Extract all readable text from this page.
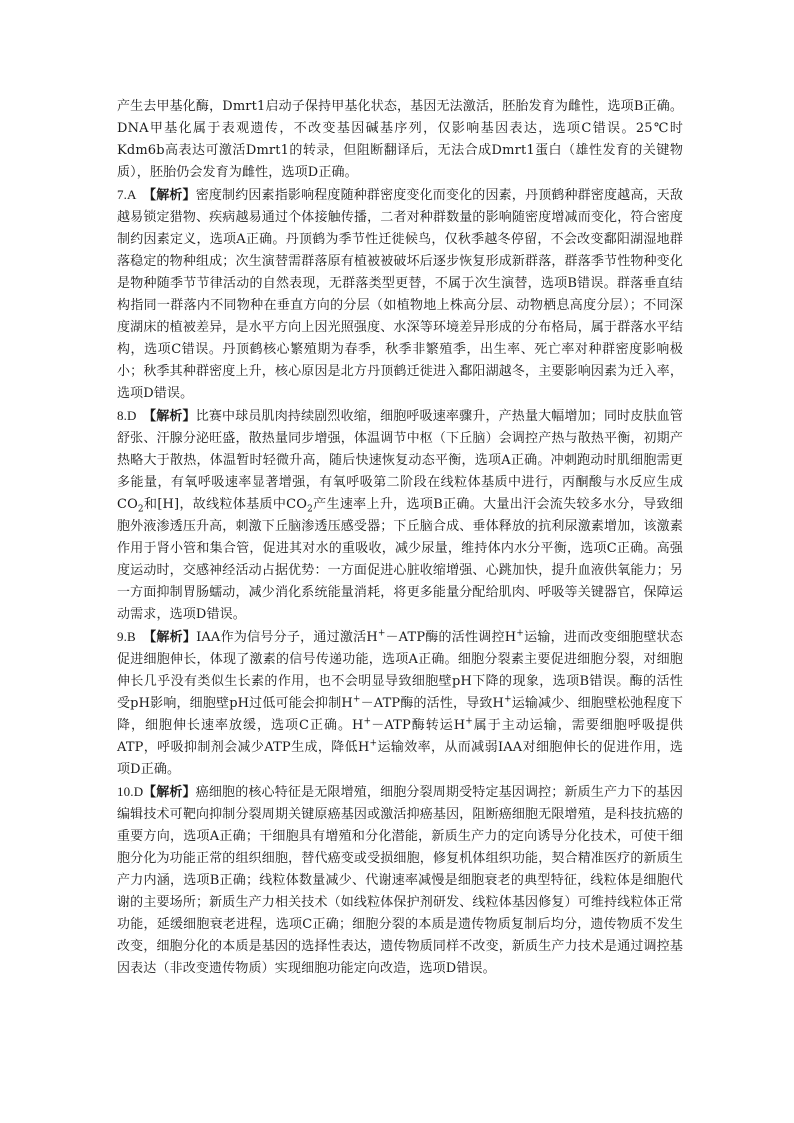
产生去甲基化酶，Dmrt1启动子保持甲基化状态，基因无法激活，胚胎发育为雌性，选项B正确。DNA甲基化属于表观遗传，不改变基因碱基序列，仅影响基因表达，选项C错误。25℃时Kdm6b高表达可激活Dmrt1的转录，但阻断翻译后，无法合成Dmrt1蛋白（雄性发育的关键物质），胚胎仍会发育为雌性，选项D正确。

7.A 【解析】密度制约因素指影响程度随种群密度变化而变化的因素，丹顶鹤种群密度越高，天敌越易锁定猎物、疾病越易通过个体接触传播，二者对种群数量的影响随密度增减而变化，符合密度制约因素定义，选项A正确。丹顶鹤为季节性迁徙候鸟，仅秋季越冬停留，不会改变鄱阳湖湿地群落稳定的物种组成；次生演替需群落原有植被被破坏后逐步恢复形成新群落，群落季节性物种变化是物种随季节节律活动的自然表现，无群落类型更替，不属于次生演替，选项B错误。群落垂直结构指同一群落内不同物种在垂直方向的分层（如植物地上株高分层、动物栖息高度分层）；不同深度湖床的植被差异，是水平方向上因光照强度、水深等环境差异形成的分布格局，属于群落水平结构，选项C错误。丹顶鹤核心繁殖期为春季，秋季非繁殖季，出生率、死亡率对种群密度影响极小；秋季其种群密度上升，核心原因是北方丹顶鹤迁徙进入鄱阳湖越冬，主要影响因素为迁入率，选项D错误。

8.D 【解析】比赛中球员肌肉持续剧烈收缩，细胞呼吸速率骤升，产热量大幅增加；同时皮肤血管舒张、汗腺分泌旺盛，散热量同步增强，体温调节中枢（下丘脑）会调控产热与散热平衡，初期产热略大于散热，体温暂时轻微升高，随后快速恢复动态平衡，选项A正确。冲刺跑动时肌细胞需更多能量，有氧呼吸速率显著增强，有氧呼吸第二阶段在线粒体基质中进行，丙酮酸与水反应生成$CO_2$和[H]，故线粒体基质中$CO_2$产生速率上升，选项B正确。大量出汗会流失较多水分，导致细胞外液渗透压升高，刺激下丘脑渗透压感受器；下丘脑合成、垂体释放的抗利尿激素增加，该激素作用于肾小管和集合管，促进其对水的重吸收，减少尿量，维持体内水分平衡，选项C正确。高强度运动时，交感神经活动占据优势：一方面促进心脏收缩增强、心跳加快，提升血液供氧能力；另一方面抑制胃肠蠕动，减少消化系统能量消耗，将更多能量分配给肌肉、呼吸等关键器官，保障运动需求，选项D错误。

9.B 【解析】IAA作为信号分子，通过激活H+－ATP酶的活性调控H+运输，进而改变细胞壁状态促进细胞伸长，体现了激素的信号传递功能，选项A正确。细胞分裂素主要促进细胞分裂，对细胞伸长几乎没有类似生长素的作用，也不会明显导致细胞壁pH下降的现象，选项B错误。酶的活性受pH影响，细胞壁pH过低可能会抑制H+－ATP酶的活性，导致H+运输减少、细胞壁松弛程度下降，细胞伸长速率放缓，选项C正确。H+－ATP酶转运H+属于主动运输，需要细胞呼吸提供ATP，呼吸抑制剂会减少ATP生成，降低H+运输效率，从而减弱IAA对细胞伸长的促进作用，选项D正确。

10.D【解析】癌细胞的核心特征是无限增殖，细胞分裂周期受特定基因调控；新质生产力下的基因编辑技术可靶向抑制分裂周期关键原癌基因或激活抑癌基因，阻断癌细胞无限增殖，是科技抗癌的重要方向，选项A正确；干细胞具有增殖和分化潜能，新质生产力的定向诱导分化技术，可使干细胞分化为功能正常的组织细胞，替代癌变或受损细胞，修复机体组织功能，契合精准医疗的新质生产力内涵，选项B正确；线粒体数量减少、代谢速率减慢是细胞衰老的典型特征，线粒体是细胞代谢的主要场所；新质生产力相关技术（如线粒体保护剂研发、线粒体基因修复）可维持线粒体正常功能，延缓细胞衰老进程，选项C正确；细胞分裂的本质是遗传物质复制后均分，遗传物质不发生改变，细胞分化的本质是基因的选择性表达，遗传物质同样不改变，新质生产力技术是通过调控基因表达（非改变遗传物质）实现细胞功能定向改造，选项D错误。
